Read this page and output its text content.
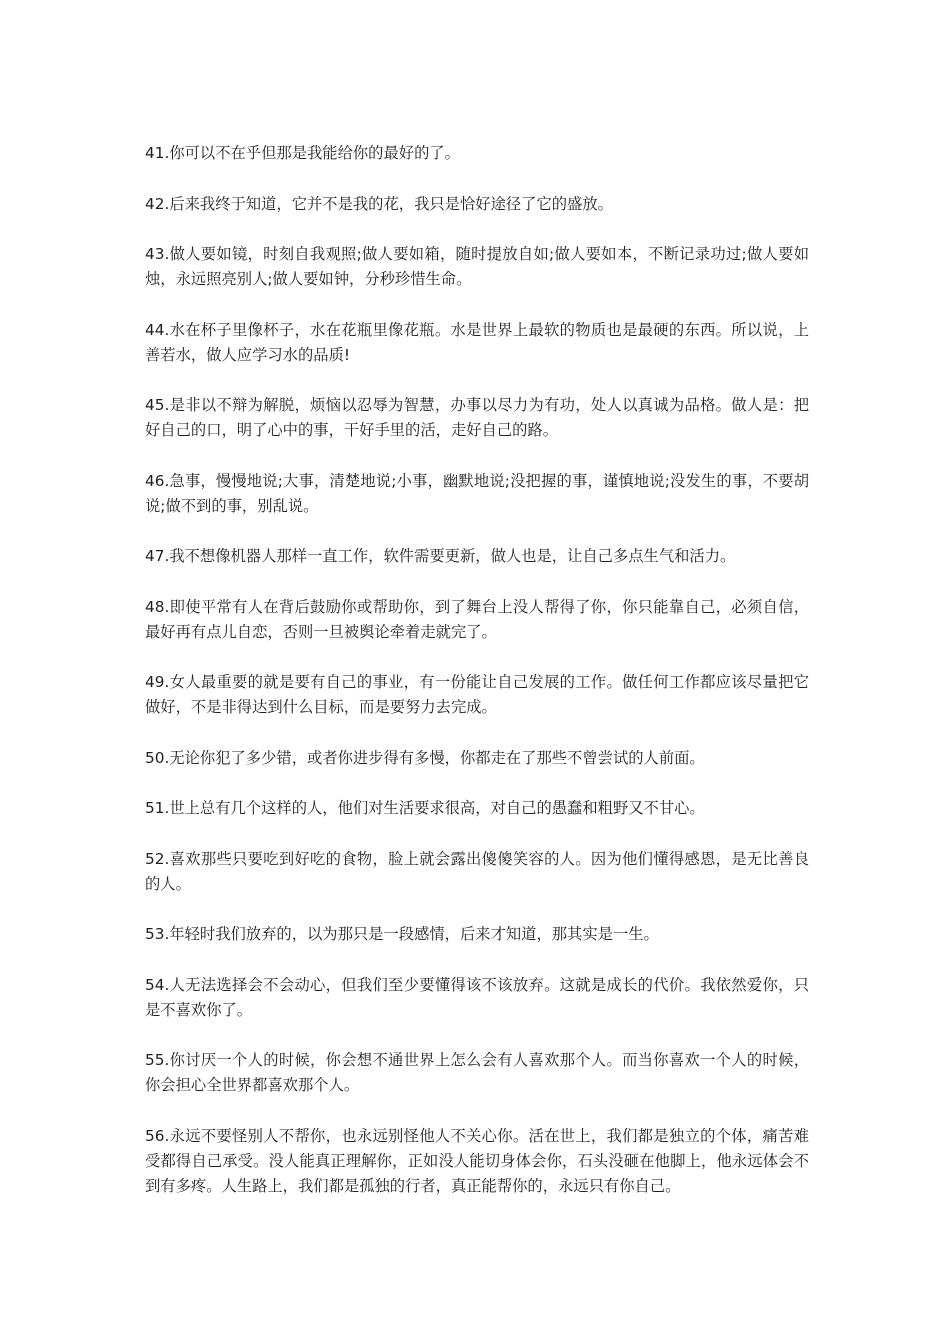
41.你可以不在乎但那是我能给你的最好的了。

42.后来我终于知道，它并不是我的花，我只是恰好途径了它的盛放。

43.做人要如镜，时刻自我观照;做人要如箱，随时提放自如;做人要如本，不断记录功过;做人要如烛，永远照亮别人;做人要如钟，分秒珍惜生命。

44.水在杯子里像杯子，水在花瓶里像花瓶。水是世界上最软的物质也是最硬的东西。所以说，上善若水，做人应学习水的品质!

45.是非以不辩为解脱，烦恼以忍辱为智慧，办事以尽力为有功，处人以真诚为品格。做人是：把好自己的口，明了心中的事，干好手里的活，走好自己的路。

46.急事，慢慢地说;大事，清楚地说;小事，幽默地说;没把握的事，谨慎地说;没发生的事，不要胡说;做不到的事，别乱说。

47.我不想像机器人那样一直工作，软件需要更新，做人也是，让自己多点生气和活力。

48.即使平常有人在背后鼓励你或帮助你，到了舞台上没人帮得了你，你只能靠自己，必须自信，最好再有点儿自恋，否则一旦被舆论牵着走就完了。

49.女人最重要的就是要有自己的事业，有一份能让自己发展的工作。做任何工作都应该尽量把它做好，不是非得达到什么目标，而是要努力去完成。

50.无论你犯了多少错，或者你进步得有多慢，你都走在了那些不曾尝试的人前面。

51.世上总有几个这样的人，他们对生活要求很高，对自己的愚蠢和粗野又不甘心。

52.喜欢那些只要吃到好吃的食物，脸上就会露出傻傻笑容的人。因为他们懂得感恩，是无比善良的人。

53.年轻时我们放弃的，以为那只是一段感情，后来才知道，那其实是一生。

54.人无法选择会不会动心，但我们至少要懂得该不该放弃。这就是成长的代价。我依然爱你，只是不喜欢你了。

55.你讨厌一个人的时候，你会想不通世界上怎么会有人喜欢那个人。而当你喜欢一个人的时候，你会担心全世界都喜欢那个人。

56.永远不要怪别人不帮你，也永远别怪他人不关心你。活在世上，我们都是独立的个体，痛苦难受都得自己承受。没人能真正理解你，正如没人能切身体会你，石头没砸在他脚上，他永远体会不到有多疼。人生路上，我们都是孤独的行者，真正能帮你的，永远只有你自己。
